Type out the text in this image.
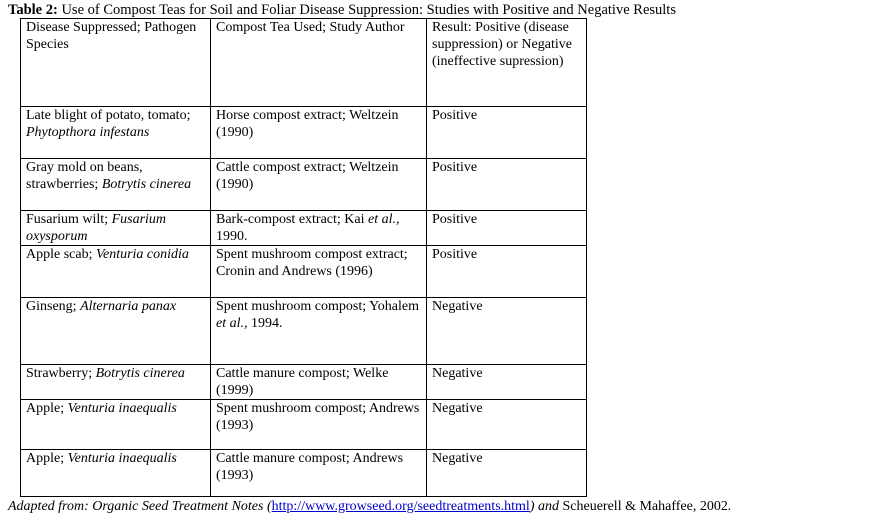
Table 2: Use of Compost Teas for Soil and Foliar Disease Suppression: Studies with Positive and Negative Results
Disease Suppressed; Pathogen Species	Compost Tea Used; Study Author	Result: Positive (disease suppression) or Negative (ineffective supression)
Late blight of potato, tomato; Phytopthora infestans	Horse compost extract; Weltzein (1990)	Positive
Gray mold on beans, strawberries; Botrytis cinerea	Cattle compost extract; Weltzein (1990)	Positive
Fusarium wilt; Fusarium oxysporum	Bark-compost extract; Kai et al., 1990.	Positive
Apple scab; Venturia conidia	Spent mushroom compost extract; Cronin and Andrews (1996)	Positive
Ginseng; Alternaria panax	Spent mushroom compost; Yohalem et al., 1994.	Negative
Strawberry; Botrytis cinerea	Cattle manure compost; Welke (1999)	Negative
Apple; Venturia inaequalis	Spent mushroom compost; Andrews (1993)	Negative
Apple; Venturia inaequalis	Cattle manure compost; Andrews (1993)	Negative
Adapted from: Organic Seed Treatment Notes (http://www.growseed.org/seedtreatments.html) and Scheuerell & Mahaffee, 2002.
